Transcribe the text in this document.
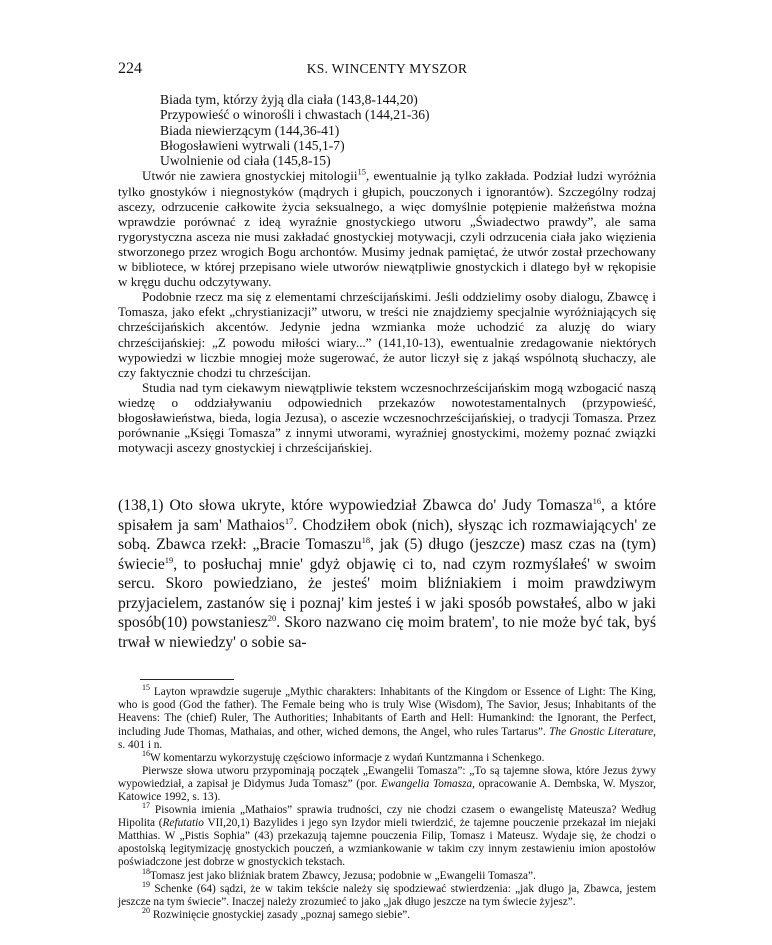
224	KS. WINCENTY MYSZOR
Biada tym, którzy żyją dla ciała (143,8-144,20)
Przypowieść o winorośli i chwastach (144,21-36)
Biada niewierzącym (144,36-41)
Błogosławieni wytrwali (145,1-7)
Uwolnienie od ciała (145,8-15)

Utwór nie zawiera gnostyckiej mitologii$^{15}$, ewentualnie ją tylko zakłada. Podział ludzi wyróżnia tylko gnostyków i niegnostyków (mądrych i głupich, pouczonych i ignorantów). Szczególny rodzaj ascezy, odrzucenie całkowite życia seksualnego, a więc domyślnie potępienie małżeństwa można wprawdzie porównać z ideą wyraźnie gnostyckiego utworu „Świadectwo prawdy”, ale sama rygorystyczna asceza nie musi zakładać gnostyckiej motywacji, czyli odrzucenia ciała jako więzienia stworzonego przez wrogich Bogu archontów. Musimy jednak pamiętać, że utwór został przechowany w bibliotece, w której przepisano wiele utworów niewątpliwie gnostyckich i dlatego był w rękopisie w kręgu duchu odczytywany.

Podobnie rzecz ma się z elementami chrześcijańskimi. Jeśli oddzielimy osoby dialogu, Zbawcę i Tomasza, jako efekt „chrystianizacji” utworu, w treści nie znajdziemy specjalnie wyróżniających się chrześcijańskich akcentów. Jedynie jedna wzmianka może uchodzić za aluzję do wiary chrześcijańskiej: „Z powodu miłości wiary...” (141,10-13), ewentualnie zredagowanie niektórych wypowiedzi w liczbie mnogiej może sugerować, że autor liczył się z jakąś wspólnotą słuchaczy, ale czy faktycznie chodzi tu chrześcijan.

Studia nad tym ciekawym niewątpliwie tekstem wczesnochrześcijańskim mogą wzbogacić naszą wiedzę o oddziaływaniu odpowiednich przekazów nowotestamentalnych (przypowieść, błogosławieństwa, bieda, logia Jezusa), o ascezie wczesnochrześcijańskiej, o tradycji Tomasza. Przez porównanie „Księgi Tomasza” z innymi utworami, wyraźniej gnostyckimi, możemy poznać związki motywacji ascezy gnostyckiej i chrześcijańskiej.

(138,1) Oto słowa ukryte, które wypowiedział Zbawca do' Judy Tomasza$^{16}$, a które spisałem ja sam' Mathaios$^{17}$. Chodziłem obok (nich), słysząc ich rozmawiających' ze sobą. Zbawca rzekł: „Bracie Tomaszu$^{18}$, jak (5) długo (jeszcze) masz czas na (tym) świecie$^{19}$, to posłuchaj mnie' gdyż objawię ci to, nad czym rozmyślałeś' w swoim sercu. Skoro powiedziano, że jesteś' moim bliźniakiem i moim prawdziwym przyjacielem, zastanów się i poznaj' kim jesteś i w jaki sposób powstałeś, albo w jaki sposób(10) powstaniesz$^{20}$. Skoro nazwano cię moim bratem', to nie może być tak, byś trwał w niewiedzy' o sobie sa-

$^{15}$ Layton wprawdzie sugeruje „Mythic charakters: Inhabitants of the Kingdom or Essence of Light: The King, who is good (God the father). The Female being who is truly Wise (Wisdom), The Savior, Jesus; Inhabitants of the Heavens: The (chief) Ruler, The Authorities; Inhabitants of Earth and Hell: Humankind: the Ignorant, the Perfect, including Jude Thomas, Mathaias, and other, wiched demons, the Angel, who rules Tartarus”. The Gnostic Literature, s. 401 i n.

$^{16}$W komentarzu wykorzystuję częściowo informacje z wydań Kuntzmanna i Schenkego.

Pierwsze słowa utworu przypominają początek „Ewangelii Tomasza”: „To są tajemne słowa, które Jezus żywy wypowiedział, a zapisał je Didymus Juda Tomasz” (por. Ewangelia Tomasza, opracowanie A. Dembska, W. Myszor, Katowice 1992, s. 13).

$^{17}$ Pisownia imienia „Mathaios” sprawia trudności, czy nie chodzi czasem o ewangelistę Mateusza? Według Hipolita (Refutatio VII,20,1) Bazylides i jego syn Izydor mieli twierdzić, że tajemne pouczenie przekazał im niejaki Matthias. W „Pistis Sophia” (43) przekazują tajemne pouczenia Filip, Tomasz i Mateusz. Wydaje się, że chodzi o apostolską legitymizację gnostyckich pouczeń, a wzmiankowanie w takim czy innym zestawieniu imion apostołów poświadczone jest dobrze w gnostyckich tekstach.

$^{18}$Tomasz jest jako bliźniak bratem Zbawcy, Jezusa; podobnie w „Ewangelii Tomasza”.

$^{19}$ Schenke (64) sądzi, że w takim tekście należy się spodziewać stwierdzenia: „jak długo ja, Zbawca, jestem jeszcze na tym świecie”. Inaczej należy zrozumieć to jako „jak długo jeszcze na tym świecie żyjesz”.

$^{20}$ Rozwinięcie gnostyckiej zasady „poznaj samego siebie”.
